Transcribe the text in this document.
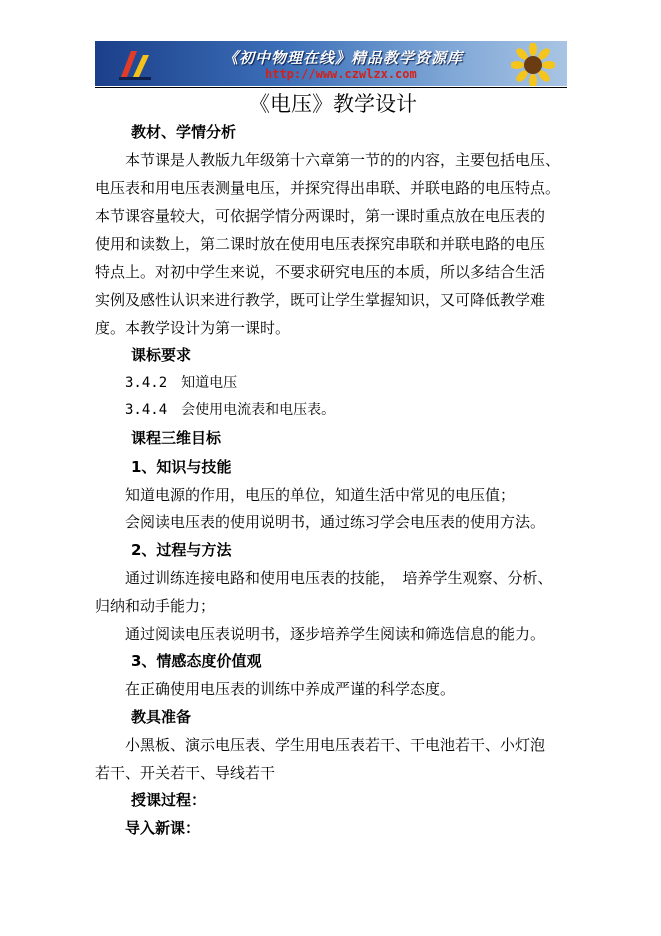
《初中物理在线》精品教学资源库
http://www.czwlzx.com
《电压》教学设计
教材、学情分析
本节课是人教版九年级第十六章第一节的的内容，主要包括电压、
电压表和用电压表测量电压，并探究得出串联、并联电路的电压特点。
本节课容量较大，可依据学情分两课时，第一课时重点放在电压表的
使用和读数上，第二课时放在使用电压表探究串联和并联电路的电压
特点上。对初中学生来说，不要求研究电压的本质，所以多结合生活
实例及感性认识来进行教学，既可让学生掌握知识，又可降低教学难
度。本教学设计为第一课时。
课标要求
3.4.2　知道电压
3.4.4　会使用电流表和电压表。
课程三维目标
1、知识与技能
知道电源的作用，电压的单位，知道生活中常见的电压值；
会阅读电压表的使用说明书，通过练习学会电压表的使用方法。
2、过程与方法
通过训练连接电路和使用电压表的技能，　培养学生观察、分析、
归纳和动手能力；
通过阅读电压表说明书，逐步培养学生阅读和筛选信息的能力。
3、情感态度价值观
在正确使用电压表的训练中养成严谨的科学态度。
教具准备
小黑板、演示电压表、学生用电压表若干、干电池若干、小灯泡
若干、开关若干、导线若干
授课过程：
导入新课：
